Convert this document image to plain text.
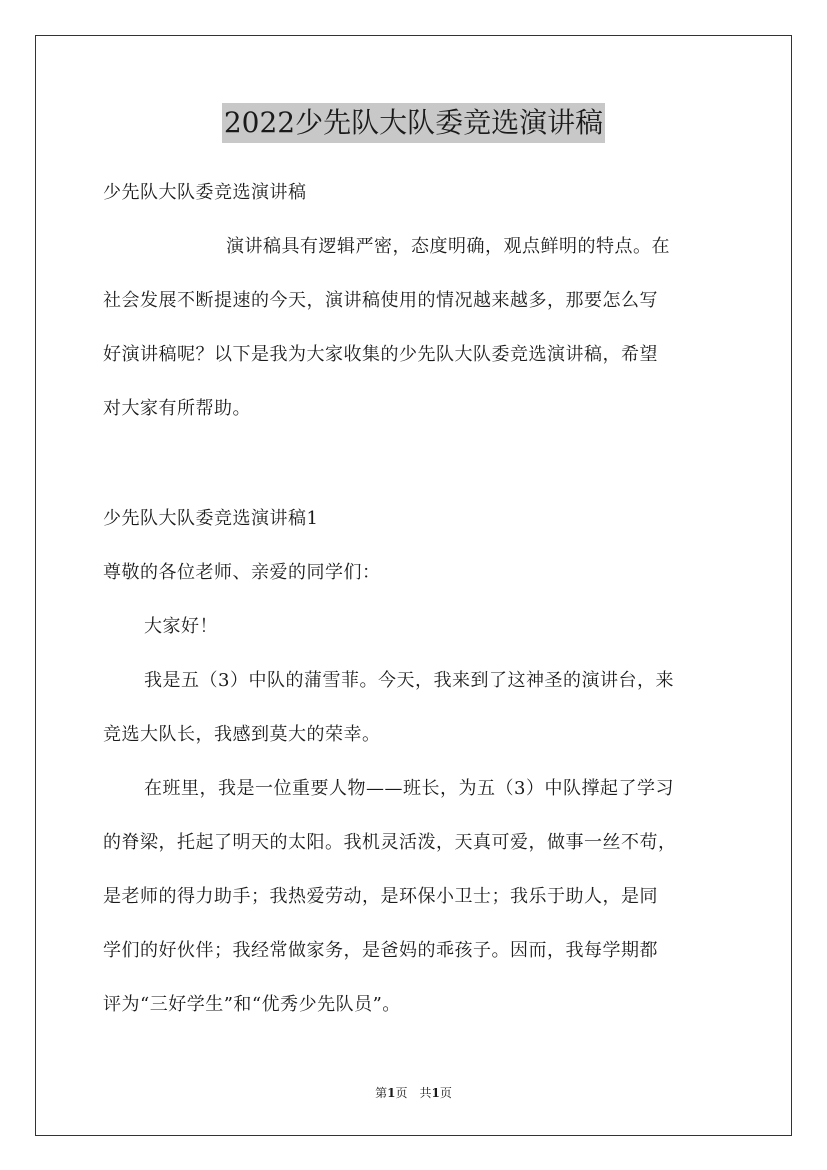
2022少先队大队委竞选演讲稿
少先队大队委竞选演讲稿
演讲稿具有逻辑严密，态度明确，观点鲜明的特点。在
社会发展不断提速的今天，演讲稿使用的情况越来越多，那要怎么写
好演讲稿呢？以下是我为大家收集的少先队大队委竞选演讲稿，希望
对大家有所帮助。
少先队大队委竞选演讲稿1
尊敬的各位老师、亲爱的同学们：
大家好！
我是五（3）中队的蒲雪菲。今天，我来到了这神圣的演讲台，来
竞选大队长，我感到莫大的荣幸。
在班里，我是一位重要人物——班长，为五（3）中队撑起了学习
的脊梁，托起了明天的太阳。我机灵活泼，天真可爱，做事一丝不苟，
是老师的得力助手；我热爱劳动，是环保小卫士；我乐于助人，是同
学们的好伙伴；我经常做家务，是爸妈的乖孩子。因而，我每学期都
评为“三好学生”和“优秀少先队员”。
第1页　共1页
